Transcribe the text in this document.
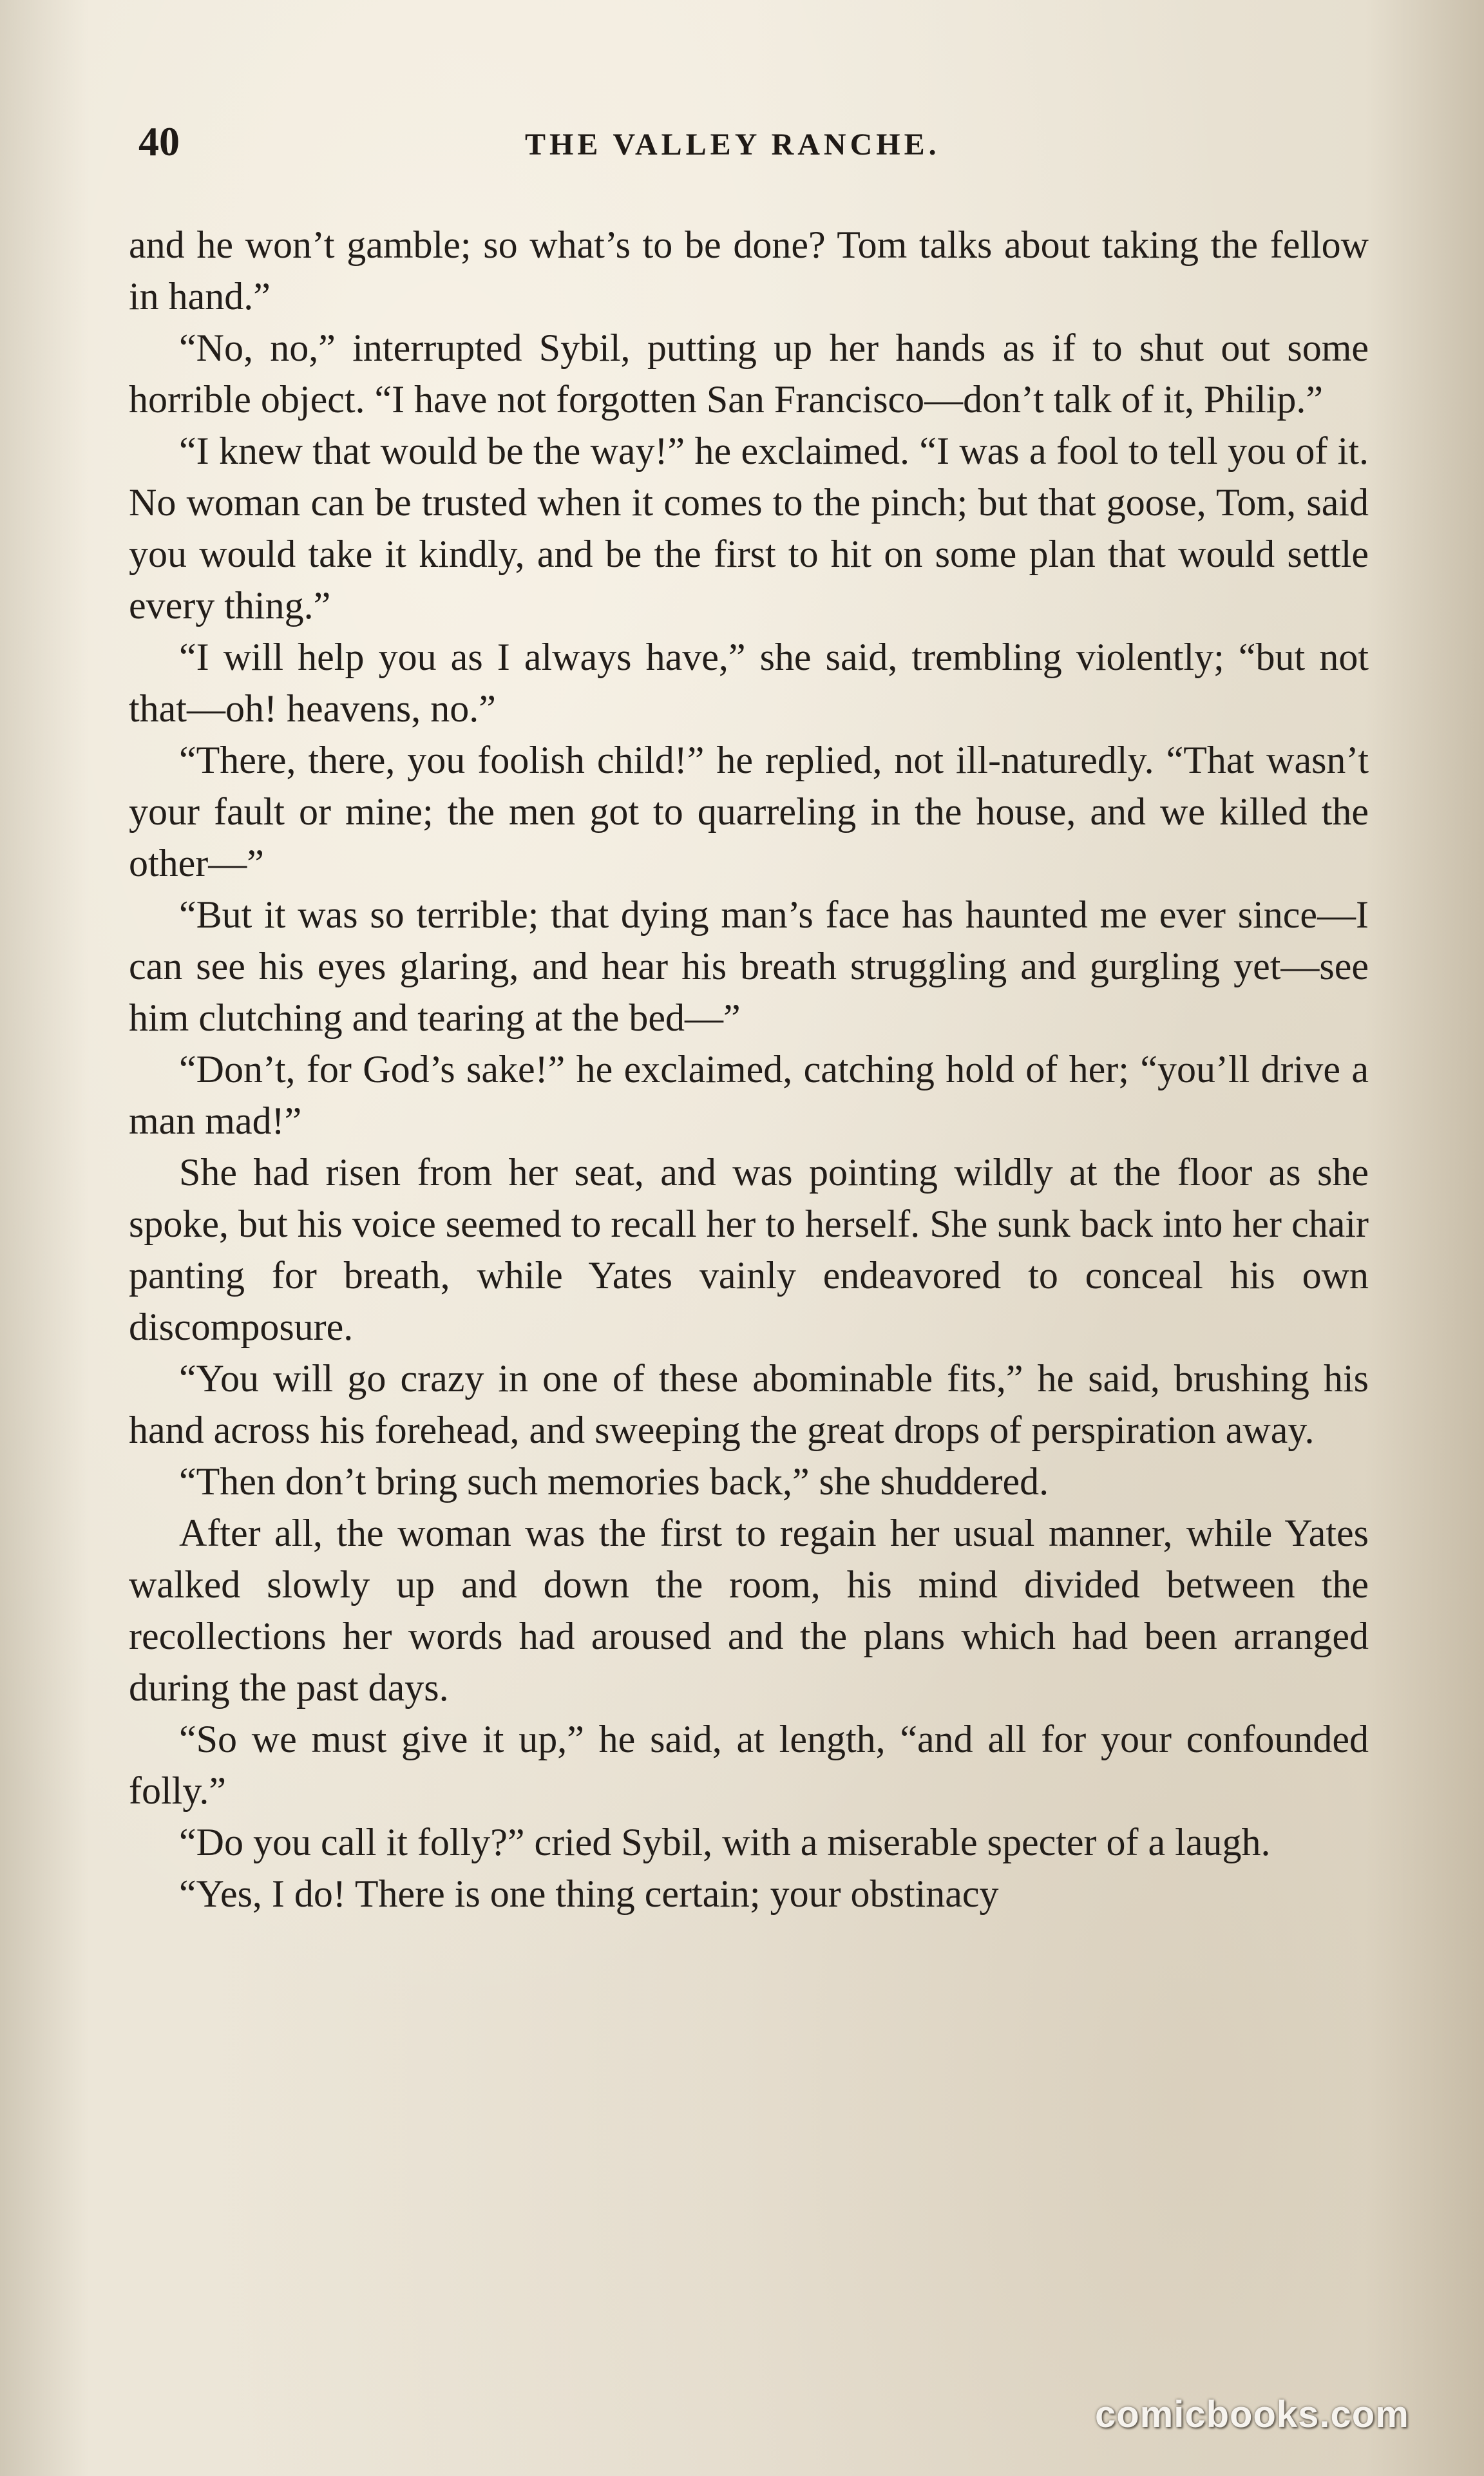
40	THE VALLEY RANCHE.

and he won’t gamble; so what’s to be done? Tom talks about taking the fellow in hand.”

“No, no,” interrupted Sybil, putting up her hands as if to shut out some horrible object. “I have not forgotten San Francisco—don’t talk of it, Philip.”

“I knew that would be the way!” he exclaimed. “I was a fool to tell you of it. No woman can be trusted when it comes to the pinch; but that goose, Tom, said you would take it kindly, and be the first to hit on some plan that would settle every thing.”

“I will help you as I always have,” she said, trembling violently; “but not that—oh! heavens, no.”

“There, there, you foolish child!” he replied, not ill-naturedly. “That wasn’t your fault or mine; the men got to quarreling in the house, and we killed the other—”

“But it was so terrible; that dying man’s face has haunted me ever since—I can see his eyes glaring, and hear his breath struggling and gurgling yet—see him clutching and tearing at the bed—”

“Don’t, for God’s sake!” he exclaimed, catching hold of her; “you’ll drive a man mad!”

She had risen from her seat, and was pointing wildly at the floor as she spoke, but his voice seemed to recall her to herself. She sunk back into her chair panting for breath, while Yates vainly endeavored to conceal his own discomposure.

“You will go crazy in one of these abominable fits,” he said, brushing his hand across his forehead, and sweeping the great drops of perspiration away.

“Then don’t bring such memories back,” she shuddered.

After all, the woman was the first to regain her usual manner, while Yates walked slowly up and down the room, his mind divided between the recollections her words had aroused and the plans which had been arranged during the past days.

“So we must give it up,” he said, at length, “and all for your confounded folly.”

“Do you call it folly?” cried Sybil, with a miserable specter of a laugh.

“Yes, I do! There is one thing certain; your obstinacy

comicbooks.com
